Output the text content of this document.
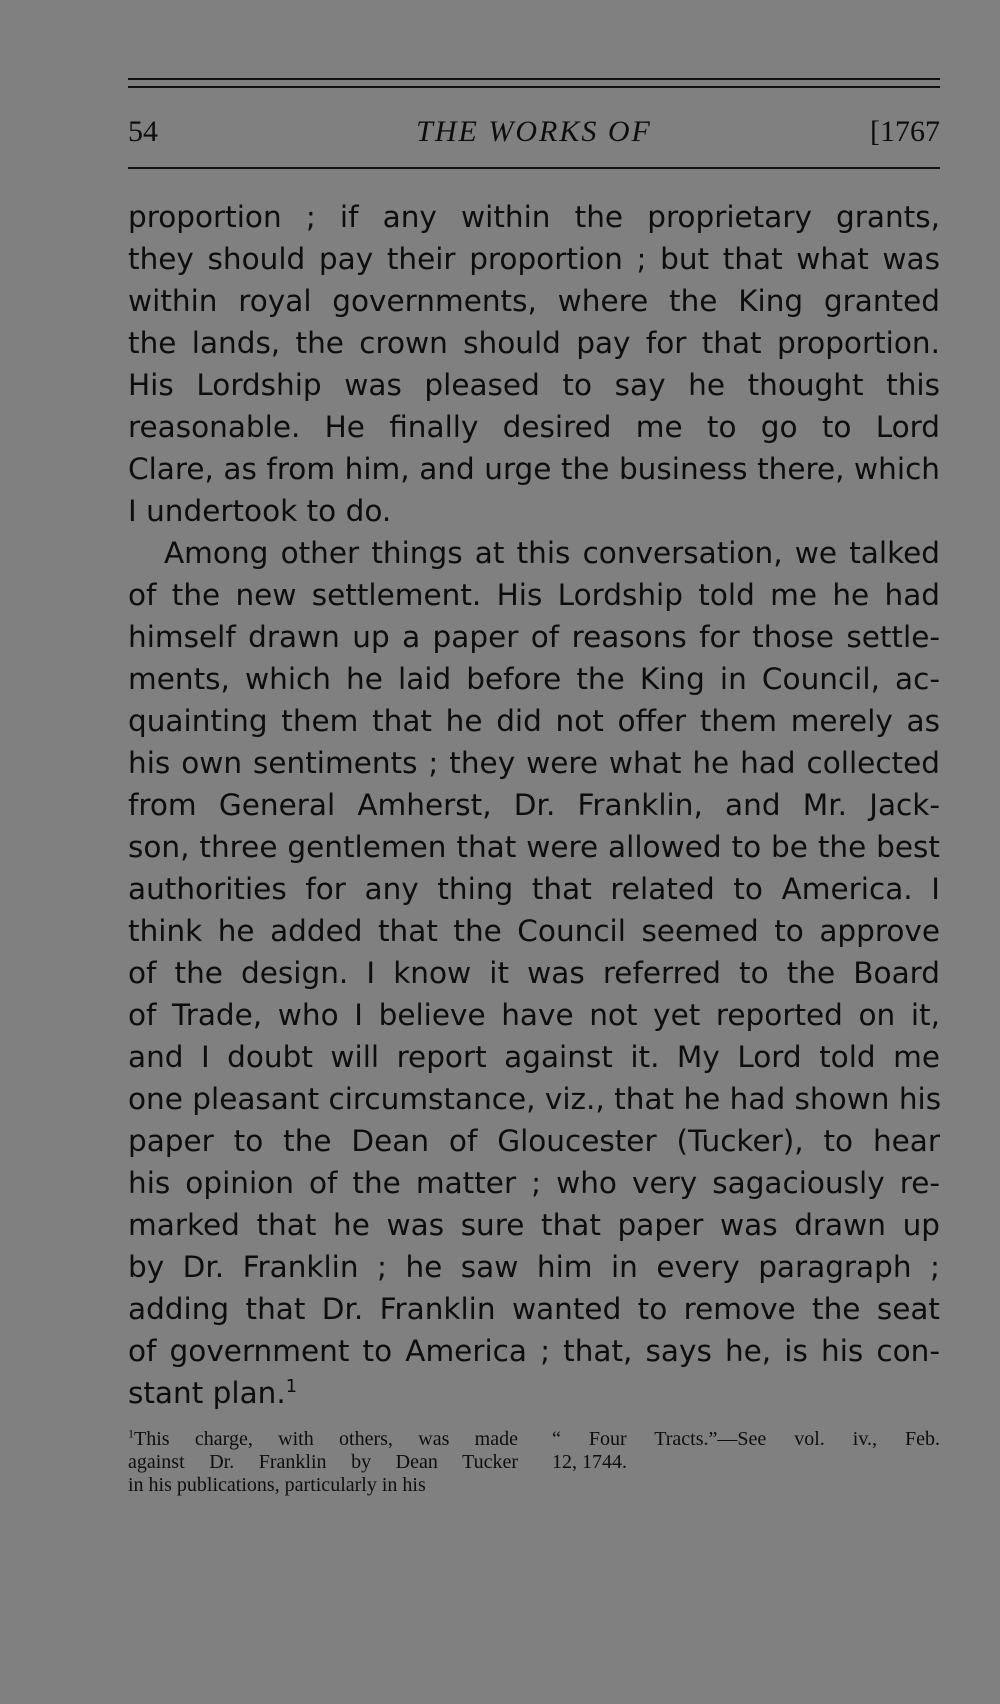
54	THE WORKS OF	[1767
proportion ; if any within the proprietary grants,
they should pay their proportion ; but that what was
within royal governments, where the King granted
the lands, the crown should pay for that proportion.
His Lordship was pleased to say he thought this
reasonable. He finally desired me to go to Lord
Clare, as from him, and urge the business there, which
I undertook to do.
Among other things at this conversation, we talked
of the new settlement. His Lordship told me he had
himself drawn up a paper of reasons for those settle-
ments, which he laid before the King in Council, ac-
quainting them that he did not offer them merely as
his own sentiments ; they were what he had collected
from General Amherst, Dr. Franklin, and Mr. Jack-
son, three gentlemen that were allowed to be the best
authorities for any thing that related to America. I
think he added that the Council seemed to approve
of the design. I know it was referred to the Board
of Trade, who I believe have not yet reported on it,
and I doubt will report against it. My Lord told me
one pleasant circumstance, viz., that he had shown his
paper to the Dean of Gloucester (Tucker), to hear
his opinion of the matter ; who very sagaciously re-
marked that he was sure that paper was drawn up
by Dr. Franklin ; he saw him in every paragraph ;
adding that Dr. Franklin wanted to remove the seat
of government to America ; that, says he, is his con-
stant plan.$^1$
$^1$This charge, with others, was made
against Dr. Franklin by Dean Tucker
in his publications, particularly in his
“ Four Tracts.”—See vol. iv., Feb.
12, 1744.
